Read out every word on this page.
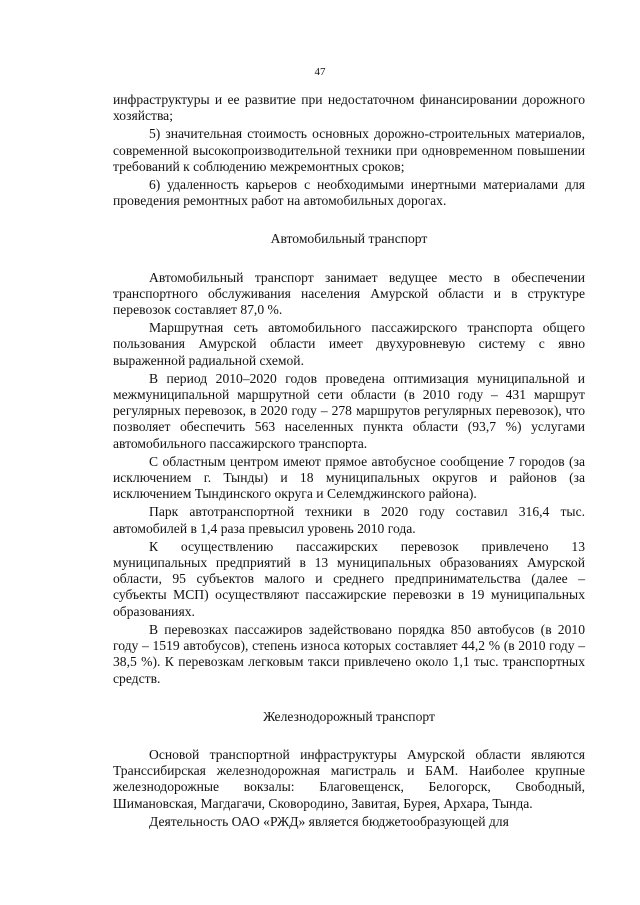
47

инфраструктуры и ее развитие при недостаточном финансировании дорожного хозяйства;

5) значительная стоимость основных дорожно-строительных материалов, современной высокопроизводительной техники при одновременном повышении требований к соблюдению межремонтных сроков;

6) удаленность карьеров с необходимыми инертными материалами для проведения ремонтных работ на автомобильных дорогах.

Автомобильный транспорт

Автомобильный транспорт занимает ведущее место в обеспечении транспортного обслуживания населения Амурской области и в структуре перевозок составляет 87,0 %.

Маршрутная сеть автомобильного пассажирского транспорта общего пользования Амурской области имеет двухуровневую систему с явно выраженной радиальной схемой.

В период 2010–2020 годов проведена оптимизация муниципальной и межмуниципальной маршрутной сети области (в 2010 году – 431 маршрут регулярных перевозок, в 2020 году – 278 маршрутов регулярных перевозок), что позволяет обеспечить 563 населенных пункта области (93,7 %) услугами автомобильного пассажирского транспорта.

С областным центром имеют прямое автобусное сообщение 7 городов (за исключением г. Тынды) и 18 муниципальных округов и районов (за исключением Тындинского округа и Селемджинского района).

Парк автотранспортной техники в 2020 году составил 316,4 тыс. автомобилей в 1,4 раза превысил уровень 2010 года.

К осуществлению пассажирских перевозок привлечено 13 муниципальных предприятий в 13 муниципальных образованиях Амурской области, 95 субъектов малого и среднего предпринимательства (далее – субъекты МСП) осуществляют пассажирские перевозки в 19 муниципальных образованиях.

В перевозках пассажиров задействовано порядка 850 автобусов (в 2010 году – 1519 автобусов), степень износа которых составляет 44,2 % (в 2010 году – 38,5 %). К перевозкам легковым такси привлечено около 1,1 тыс. транспортных средств.

Железнодорожный транспорт

Основой транспортной инфраструктуры Амурской области являются Транссибирская железнодорожная магистраль и БАМ. Наиболее крупные железнодорожные вокзалы: Благовещенск, Белогорск, Свободный, Шимановская, Магдагачи, Сковородино, Завитая, Бурея, Архара, Тында.

Деятельность ОАО «РЖД» является бюджетообразующей для
